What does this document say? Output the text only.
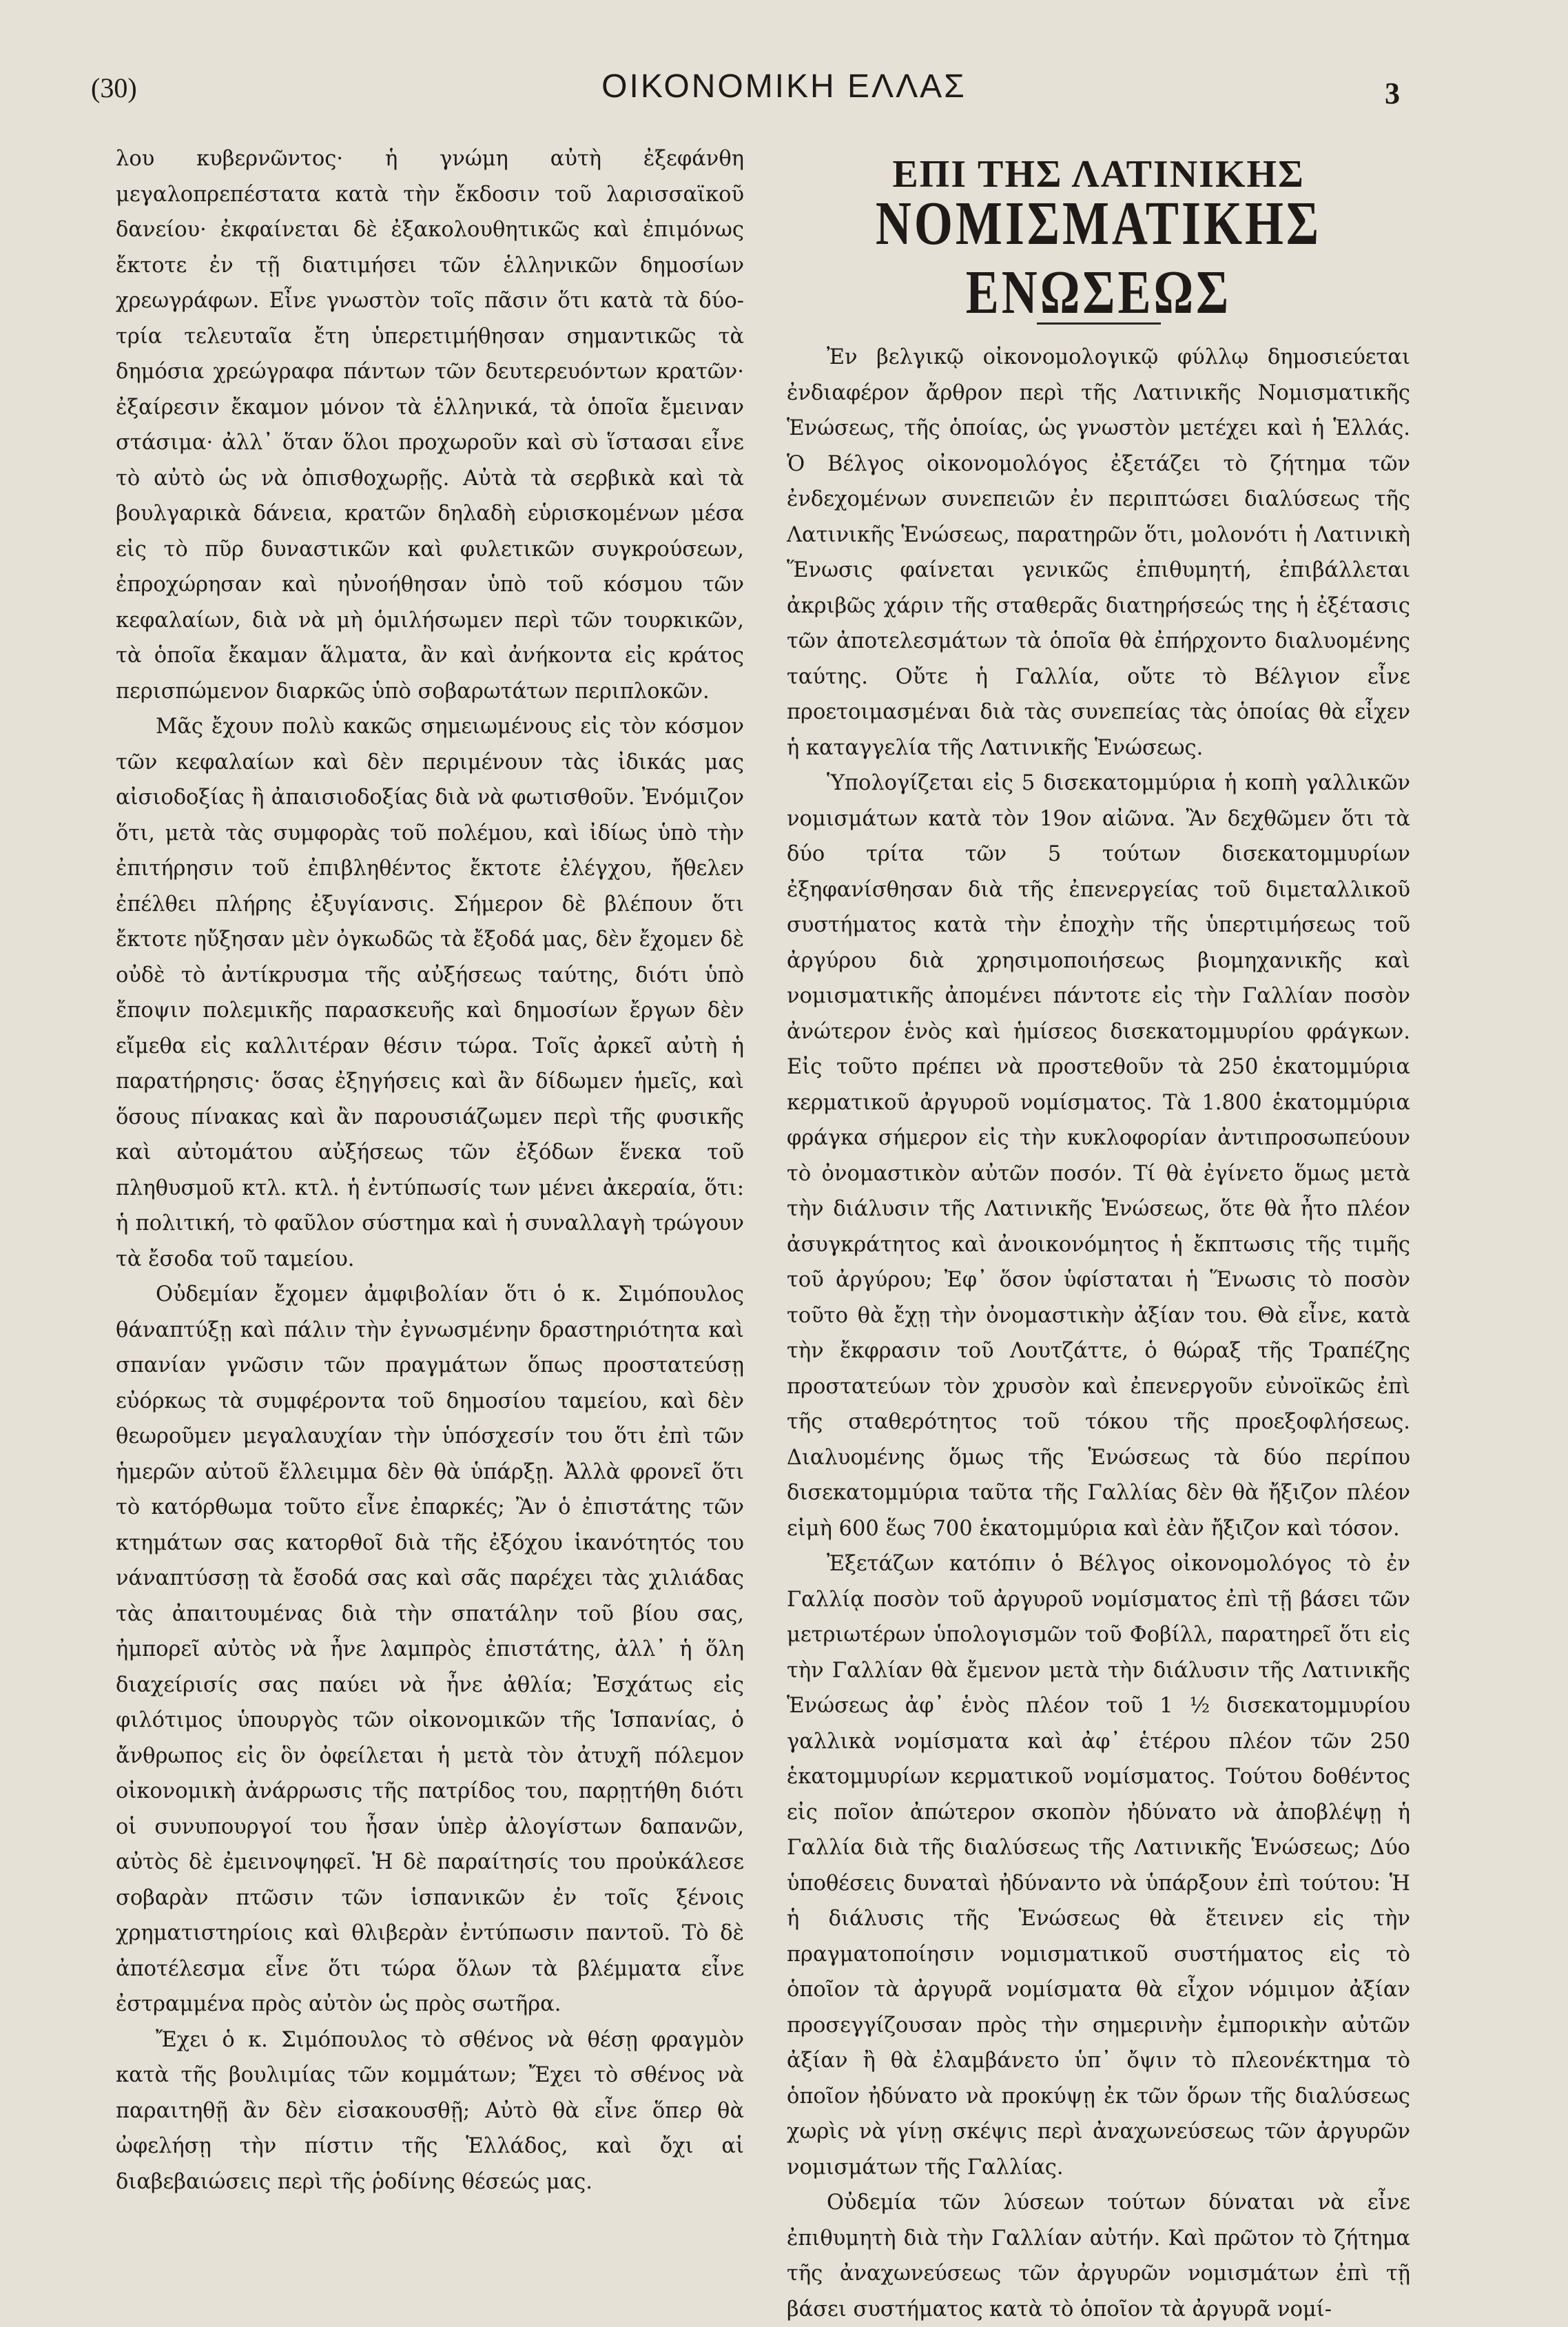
(30)	ΟΙΚΟΝΟΜΙΚΗ ΕΛΛΑΣ	3

λου κυβερνῶντος· ἡ γνώμη αὐτὴ ἐξεφάνθη μεγαλοπρεπέστατα κατὰ τὴν ἔκδοσιν τοῦ λαρισσαϊκοῦ δανείου· ἐκφαίνεται δὲ ἐξακολουθητικῶς καὶ ἐπιμόνως ἔκτοτε ἐν τῇ διατιμήσει τῶν ἑλληνικῶν δημοσίων χρεωγράφων. Εἶνε γνωστὸν τοῖς πᾶσιν ὅτι κατὰ τὰ δύο-τρία τελευταῖα ἔτη ὑπερετιμήθησαν σημαντικῶς τὰ δημόσια χρεώγραφα πάντων τῶν δευτερευόντων κρατῶν· ἐξαίρεσιν ἔκαμον μόνον τὰ ἑλληνικά, τὰ ὁποῖα ἔμειναν στάσιμα· ἀλλ᾽ ὅταν ὅλοι προχωροῦν καὶ σὺ ἵστασαι εἶνε τὸ αὐτὸ ὡς νὰ ὀπισθοχωρῇς. Αὐτὰ τὰ σερβικὰ καὶ τὰ βουλγαρικὰ δάνεια, κρατῶν δηλαδὴ εὑρισκομένων μέσα εἰς τὸ πῦρ δυναστικῶν καὶ φυλετικῶν συγκρούσεων, ἐπροχώρησαν καὶ ηὐνοήθησαν ὑπὸ τοῦ κόσμου τῶν κεφαλαίων, διὰ νὰ μὴ ὁμιλήσωμεν περὶ τῶν τουρκικῶν, τὰ ὁποῖα ἔκαμαν ἅλματα, ἂν καὶ ἀνήκοντα εἰς κράτος περισπώμενον διαρκῶς ὑπὸ σοβαρωτάτων περιπλοκῶν.

Μᾶς ἔχουν πολὺ κακῶς σημειωμένους εἰς τὸν κόσμον τῶν κεφαλαίων καὶ δὲν περιμένουν τὰς ἰδικάς μας αἰσιοδοξίας ἢ ἀπαισιοδοξίας διὰ νὰ φωτισθοῦν. Ἐνόμιζον ὅτι, μετὰ τὰς συμφορὰς τοῦ πολέμου, καὶ ἰδίως ὑπὸ τὴν ἐπιτήρησιν τοῦ ἐπιβληθέντος ἔκτοτε ἐλέγχου, ἤθελεν ἐπέλθει πλήρης ἐξυγίανσις. Σήμερον δὲ βλέπουν ὅτι ἔκτοτε ηὔξησαν μὲν ὀγκωδῶς τὰ ἔξοδά μας, δὲν ἔχομεν δὲ οὐδὲ τὸ ἀντίκρυσμα τῆς αὐξήσεως ταύτης, διότι ὑπὸ ἔποψιν πολεμικῆς παρασκευῆς καὶ δημοσίων ἔργων δὲν εἴμεθα εἰς καλλιτέραν θέσιν τώρα. Τοῖς ἀρκεῖ αὐτὴ ἡ παρατήρησις· ὅσας ἐξηγήσεις καὶ ἂν δίδωμεν ἡμεῖς, καὶ ὅσους πίνακας καὶ ἂν παρουσιάζωμεν περὶ τῆς φυσικῆς καὶ αὐτομάτου αὐξήσεως τῶν ἐξόδων ἕνεκα τοῦ πληθυσμοῦ κτλ. κτλ. ἡ ἐντύπωσίς των μένει ἀκεραία, ὅτι: ἡ πολιτική, τὸ φαῦλον σύστημα καὶ ἡ συναλλαγὴ τρώγουν τὰ ἔσοδα τοῦ ταμείου.

Οὐδεμίαν ἔχομεν ἀμφιβολίαν ὅτι ὁ κ. Σιμόπουλος θάναπτύξῃ καὶ πάλιν τὴν ἐγνωσμένην δραστηριότητα καὶ σπανίαν γνῶσιν τῶν πραγμάτων ὅπως προστατεύσῃ εὐόρκως τὰ συμφέροντα τοῦ δημοσίου ταμείου, καὶ δὲν θεωροῦμεν μεγαλαυχίαν τὴν ὑπόσχεσίν του ὅτι ἐπὶ τῶν ἡμερῶν αὐτοῦ ἔλλειμμα δὲν θὰ ὑπάρξῃ. Ἀλλὰ φρονεῖ ὅτι τὸ κατόρθωμα τοῦτο εἶνε ἐπαρκές; Ἂν ὁ ἐπιστάτης τῶν κτημάτων σας κατορθοῖ διὰ τῆς ἐξόχου ἱκανότητός του νάναπτύσσῃ τὰ ἔσοδά σας καὶ σᾶς παρέχει τὰς χιλιάδας τὰς ἀπαιτουμένας διὰ τὴν σπατάλην τοῦ βίου σας, ἠμπορεῖ αὐτὸς νὰ ἦνε λαμπρὸς ἐπιστάτης, ἀλλ᾽ ἡ ὅλη διαχείρισίς σας παύει νὰ ἦνε ἀθλία; Ἐσχάτως εἰς φιλότιμος ὑπουργὸς τῶν οἰκονομικῶν τῆς Ἱσπανίας, ὁ ἄνθρωπος εἰς ὃν ὀφείλεται ἡ μετὰ τὸν ἀτυχῆ πόλεμον οἰκονομικὴ ἀνάρρωσις τῆς πατρίδος του, παρῃτήθη διότι οἱ συνυπουργοί του ἦσαν ὑπὲρ ἀλογίστων δαπανῶν, αὐτὸς δὲ ἐμεινοψηφεῖ. Ἡ δὲ παραίτησίς του προὐκάλεσε σοβαρὰν πτῶσιν τῶν ἱσπανικῶν ἐν τοῖς ξένοις χρηματιστηρίοις καὶ θλιβερὰν ἐντύπωσιν παντοῦ. Τὸ δὲ ἀποτέλεσμα εἶνε ὅτι τώρα ὅλων τὰ βλέμματα εἶνε ἐστραμμένα πρὸς αὐτὸν ὡς πρὸς σωτῆρα.

Ἔχει ὁ κ. Σιμόπουλος τὸ σθένος νὰ θέσῃ φραγμὸν κατὰ τῆς βουλιμίας τῶν κομμάτων; Ἔχει τὸ σθένος νὰ παραιτηθῇ ἂν δὲν εἰσακουσθῇ; Αὐτὸ θὰ εἶνε ὅπερ θὰ ὠφελήσῃ τὴν πίστιν τῆς Ἑλλάδος, καὶ ὄχι αἱ διαβεβαιώσεις περὶ τῆς ῥοδίνης θέσεώς μας.

ΕΠΙ ΤΗΣ ΛΑΤΙΝΙΚΗΣ
ΝΟΜΙΣΜΑΤΙΚΗΣ ΕΝΩΣΕΩΣ

Ἐν βελγικῷ οἰκονομολογικῷ φύλλῳ δημοσιεύεται ἐνδιαφέρον ἄρθρον περὶ τῆς Λατινικῆς Νομισματικῆς Ἑνώσεως, τῆς ὁποίας, ὡς γνωστὸν μετέχει καὶ ἡ Ἑλλάς. Ὁ Βέλγος οἰκονομολόγος ἐξετάζει τὸ ζήτημα τῶν ἐνδεχομένων συνεπειῶν ἐν περιπτώσει διαλύσεως τῆς Λατινικῆς Ἑνώσεως, παρατηρῶν ὅτι, μολονότι ἡ Λατινικὴ Ἕνωσις φαίνεται γενικῶς ἐπιθυμητή, ἐπιβάλλεται ἀκριβῶς χάριν τῆς σταθερᾶς διατηρήσεώς της ἡ ἐξέτασις τῶν ἀποτελεσμάτων τὰ ὁποῖα θὰ ἐπήρχοντο διαλυομένης ταύτης. Οὔτε ἡ Γαλλία, οὔτε τὸ Βέλγιον εἶνε προετοιμασμέναι διὰ τὰς συνεπείας τὰς ὁποίας θὰ εἶχεν ἡ καταγγελία τῆς Λατινικῆς Ἑνώσεως.

Ὑπολογίζεται εἰς 5 δισεκατομμύρια ἡ κοπὴ γαλλικῶν νομισμάτων κατὰ τὸν 19ον αἰῶνα. Ἂν δεχθῶμεν ὅτι τὰ δύο τρίτα τῶν 5 τούτων δισεκατομμυρίων ἐξηφανίσθησαν διὰ τῆς ἐπενεργείας τοῦ διμεταλλικοῦ συστήματος κατὰ τὴν ἐποχὴν τῆς ὑπερτιμήσεως τοῦ ἀργύρου διὰ χρησιμοποιήσεως βιομηχανικῆς καὶ νομισματικῆς ἀπομένει πάντοτε εἰς τὴν Γαλλίαν ποσὸν ἀνώτερον ἑνὸς καὶ ἡμίσεος δισεκατομμυρίου φράγκων. Εἰς τοῦτο πρέπει νὰ προστεθοῦν τὰ 250 ἑκατομμύρια κερματικοῦ ἀργυροῦ νομίσματος. Τὰ 1.800 ἑκατομμύρια φράγκα σήμερον εἰς τὴν κυκλοφορίαν ἀντιπροσωπεύουν τὸ ὀνομαστικὸν αὐτῶν ποσόν. Τί θὰ ἐγίνετο ὅμως μετὰ τὴν διάλυσιν τῆς Λατινικῆς Ἑνώσεως, ὅτε θὰ ἦτο πλέον ἀσυγκράτητος καὶ ἀνοικονόμητος ἡ ἔκπτωσις τῆς τιμῆς τοῦ ἀργύρου; Ἐφ᾽ ὅσον ὑφίσταται ἡ Ἕνωσις τὸ ποσὸν τοῦτο θὰ ἔχῃ τὴν ὀνομαστικὴν ἀξίαν του. Θὰ εἶνε, κατὰ τὴν ἔκφρασιν τοῦ Λουτζάττε, ὁ θώραξ τῆς Τραπέζης προστατεύων τὸν χρυσὸν καὶ ἐπενεργοῦν εὐνοϊκῶς ἐπὶ τῆς σταθερότητος τοῦ τόκου τῆς προεξοφλήσεως. Διαλυομένης ὅμως τῆς Ἑνώσεως τὰ δύο περίπου δισεκατομμύρια ταῦτα τῆς Γαλλίας δὲν θὰ ἤξιζον πλέον εἰμὴ 600 ἕως 700 ἑκατομμύρια καὶ ἐὰν ἤξιζον καὶ τόσον.

Ἐξετάζων κατόπιν ὁ Βέλγος οἰκονομολόγος τὸ ἐν Γαλλίᾳ ποσὸν τοῦ ἀργυροῦ νομίσματος ἐπὶ τῇ βάσει τῶν μετριωτέρων ὑπολογισμῶν τοῦ Φοβίλλ, παρατηρεῖ ὅτι εἰς τὴν Γαλλίαν θὰ ἔμενον μετὰ τὴν διάλυσιν τῆς Λατινικῆς Ἑνώσεως ἀφ᾽ ἑνὸς πλέον τοῦ 1 ½ δισεκατομμυρίου γαλλικὰ νομίσματα καὶ ἀφ᾽ ἑτέρου πλέον τῶν 250 ἑκατομμυρίων κερματικοῦ νομίσματος. Τούτου δοθέντος εἰς ποῖον ἀπώτερον σκοπὸν ἠδύνατο νὰ ἀποβλέψῃ ἡ Γαλλία διὰ τῆς διαλύσεως τῆς Λατινικῆς Ἑνώσεως; Δύο ὑποθέσεις δυναταὶ ἠδύναντο νὰ ὑπάρξουν ἐπὶ τούτου: Ἡ ἡ διάλυσις τῆς Ἑνώσεως θὰ ἔτεινεν εἰς τὴν πραγματοποίησιν νομισματικοῦ συστήματος εἰς τὸ ὁποῖον τὰ ἀργυρᾶ νομίσματα θὰ εἶχον νόμιμον ἀξίαν προσεγγίζουσαν πρὸς τὴν σημερινὴν ἐμπορικὴν αὐτῶν ἀξίαν ἢ θὰ ἐλαμβάνετο ὑπ᾽ ὄψιν τὸ πλεονέκτημα τὸ ὁποῖον ἠδύνατο νὰ προκύψῃ ἐκ τῶν ὅρων τῆς διαλύσεως χωρὶς νὰ γίνῃ σκέψις περὶ ἀναχωνεύσεως τῶν ἀργυρῶν νομισμάτων τῆς Γαλλίας.

Οὐδεμία τῶν λύσεων τούτων δύναται νὰ εἶνε ἐπιθυμητὴ διὰ τὴν Γαλλίαν αὐτήν. Καὶ πρῶτον τὸ ζήτημα τῆς ἀναχωνεύσεως τῶν ἀργυρῶν νομισμάτων ἐπὶ τῇ βάσει συστήματος κατὰ τὸ ὁποῖον τὰ ἀργυρᾶ νομί-
